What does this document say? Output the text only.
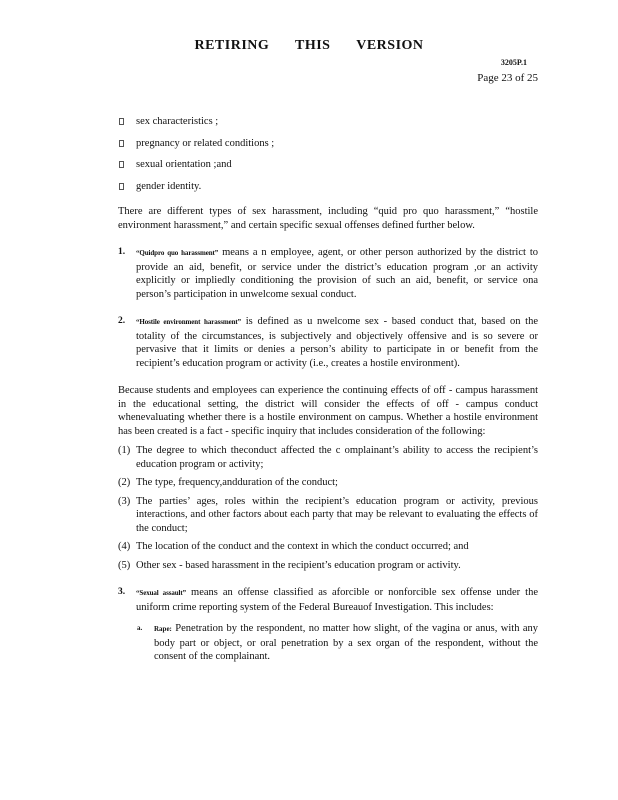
RETIRING THIS VERSION
3205P.1
Page 23 of 25
sex characteristics ;
pregnancy or related conditions ;
sexual orientation ;and
gender identity.

There are different types of sex harassment, including “quid pro quo harassment,” “hostile environment harassment,” and certain specific sexual offenses defined further below.

1. “Quidpro quo harassment” means a n employee, agent, or other person authorized by the district to provide an aid, benefit, or service under the district’s education program ,or an activity explicitly or impliedly conditioning the provision of such an aid, benefit, or service ona person’s participation in unwelcome sexual conduct.
2. “Hostile environment harassment” is defined as u nwelcome sex - based conduct that, based on the totality of the circumstances, is subjectively and objectively offensive and is so severe or pervasive that it limits or denies a person’s ability to participate in or benefit from the recipient’s education program or activity (i.e., creates a hostile environment).

Because students and employees can experience the continuing effects of off - campus harassment in the educational setting, the district will consider the effects of off - campus conduct whenevaluating whether there is a hostile environment on campus. Whether a hostile environment has been created is a fact - specific inquiry that includes consideration of the following:

(1) The degree to which theconduct affected the c omplainant’s ability to access the recipient’s education program or activity;
(2) The type, frequency,andduration of the conduct;
(3) The parties’ ages, roles within the recipient’s education program or activity, previous interactions, and other factors about each party that may be relevant to evaluating the effects of the conduct;
(4) The location of the conduct and the context in which the conduct occurred; and
(5) Other sex - based harassment in the recipient’s education program or activity.
3. “Sexual assault” means an offense classified as aforcible or nonforcible sex offense under the uniform crime reporting system of the Federal Bureauof Investigation. This includes:
a. Rape: Penetration by the respondent, no matter how slight, of the vagina or anus, with any body part or object, or oral penetration by a sex organ of the respondent, without the consent of the complainant.
